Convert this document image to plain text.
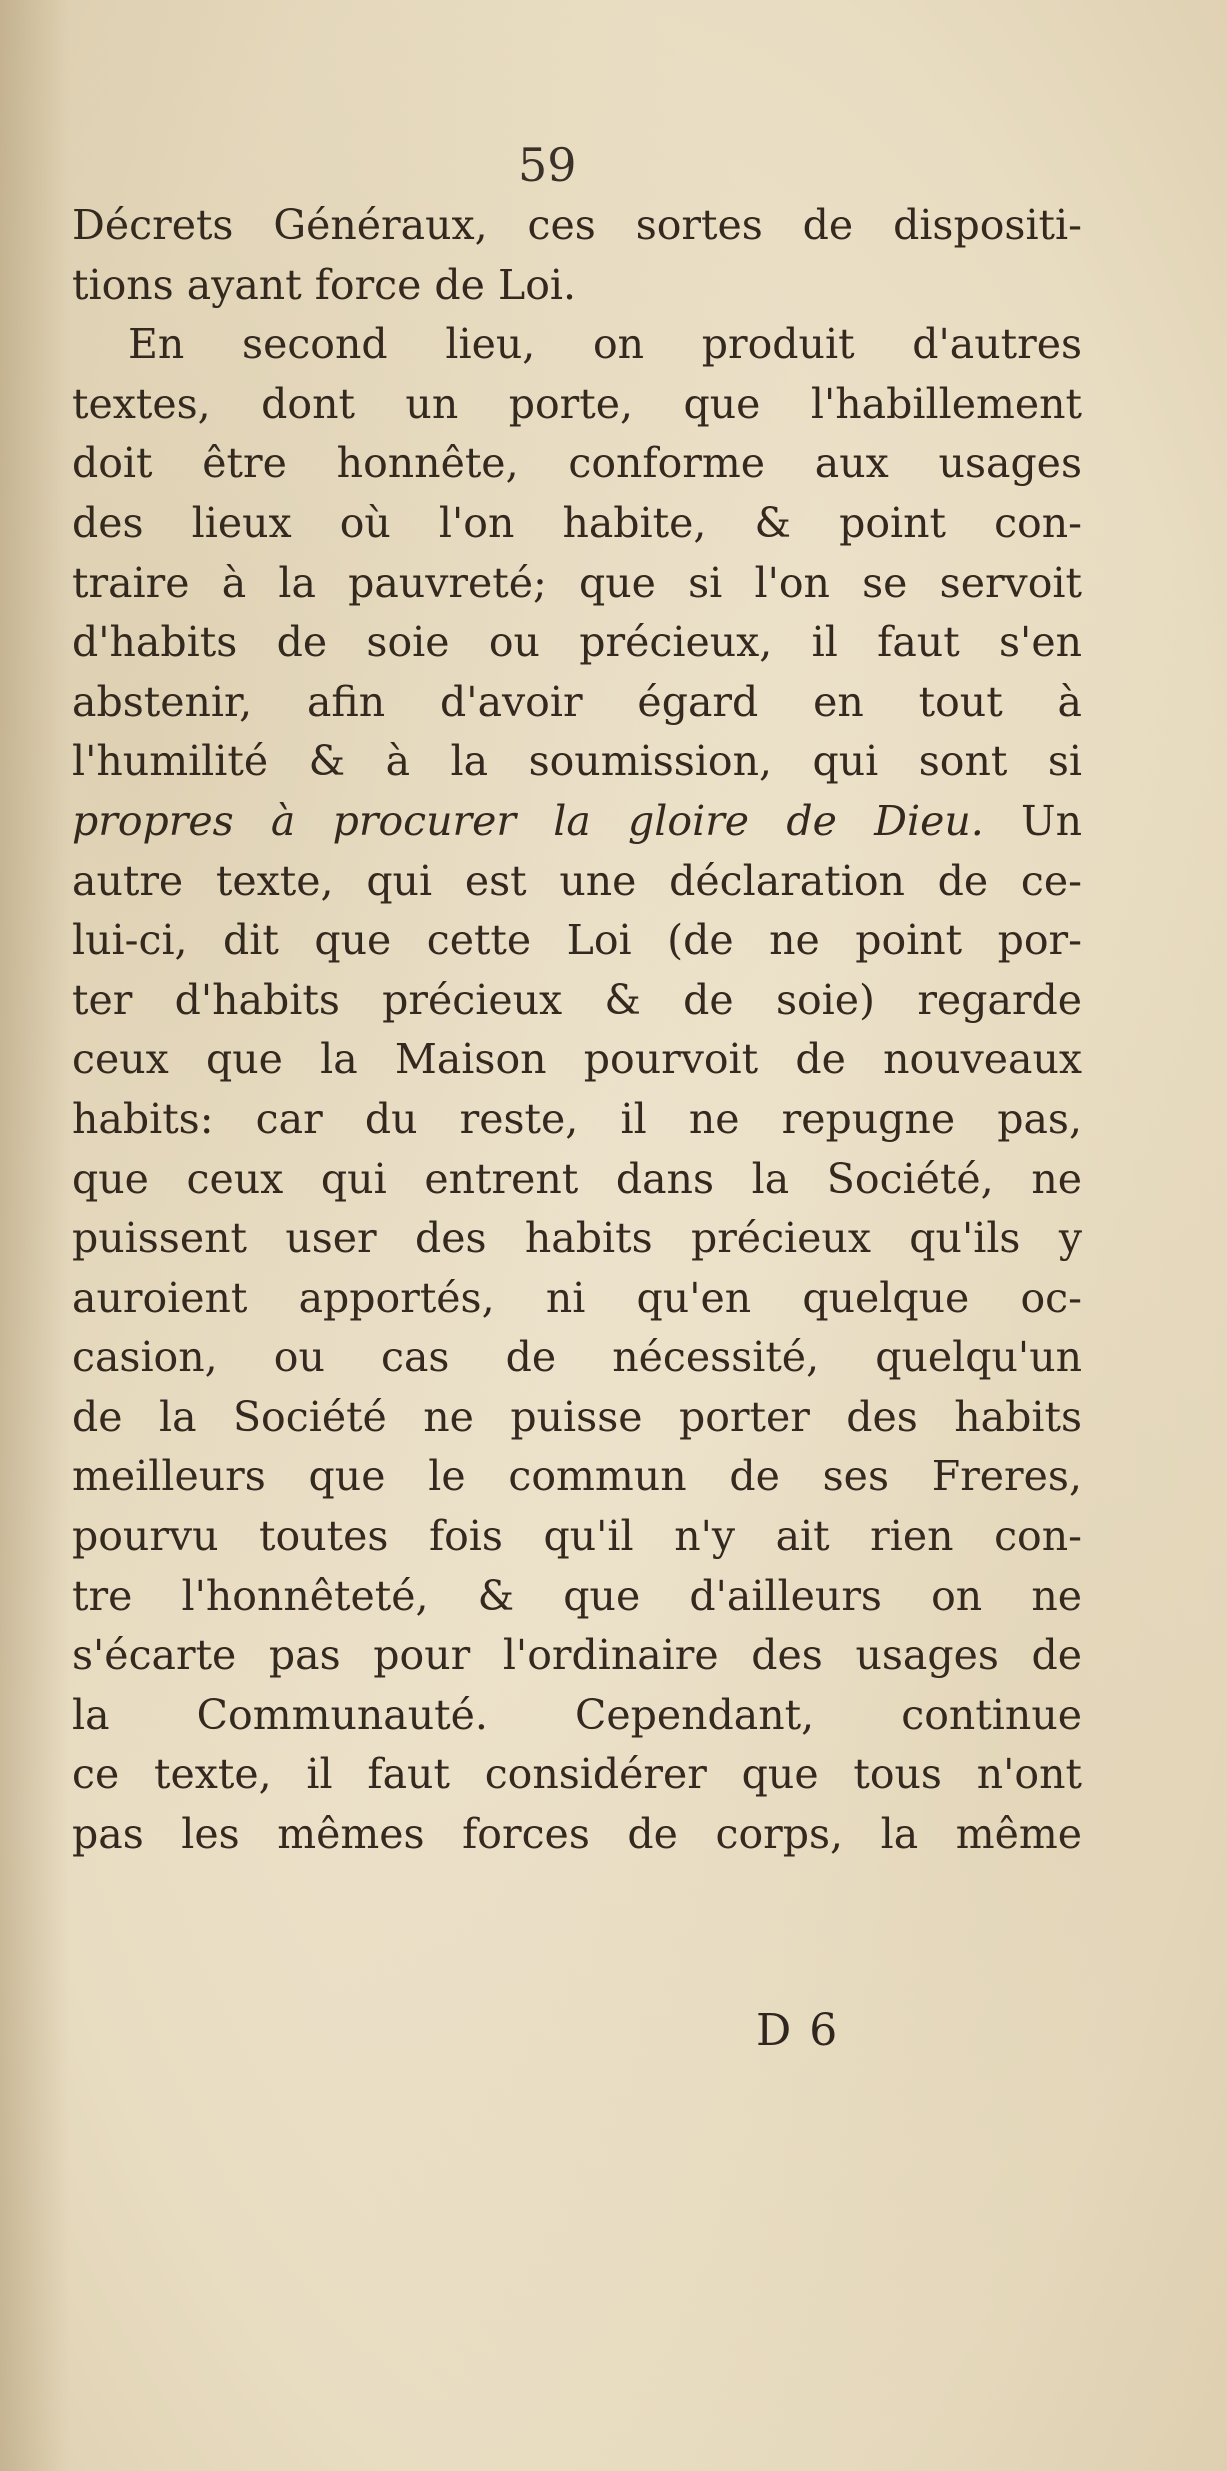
59

Décrets Généraux, ces sortes de dispositi-
tions ayant force de Loi.
En second lieu, on produit d'autres
textes, dont un porte, que l'habillement
doit être honnête, conforme aux usages
des lieux où l'on habite, & point con-
traire à la pauvreté; que si l'on se servoit
d'habits de soie ou précieux, il faut s'en
abstenir, afin d'avoir égard en tout à
l'humilité & à la soumission, qui sont si
propres à procurer la gloire de Dieu. Un
autre texte, qui est une déclaration de ce-
lui-ci, dit que cette Loi (de ne point por-
ter d'habits précieux & de soie) regarde
ceux que la Maison pourvoit de nouveaux
habits: car du reste, il ne repugne pas,
que ceux qui entrent dans la Société, ne
puissent user des habits précieux qu'ils y
auroient apportés, ni qu'en quelque oc-
casion, ou cas de nécessité, quelqu'un
de la Société ne puisse porter des habits
meilleurs que le commun de ses Freres,
pourvu toutes fois qu'il n'y ait rien con-
tre l'honnêteté, & que d'ailleurs on ne
s'écarte pas pour l'ordinaire des usages de
la Communauté. Cependant, continue
ce texte, il faut considérer que tous n'ont
pas les mêmes forces de corps, la même

D 6
